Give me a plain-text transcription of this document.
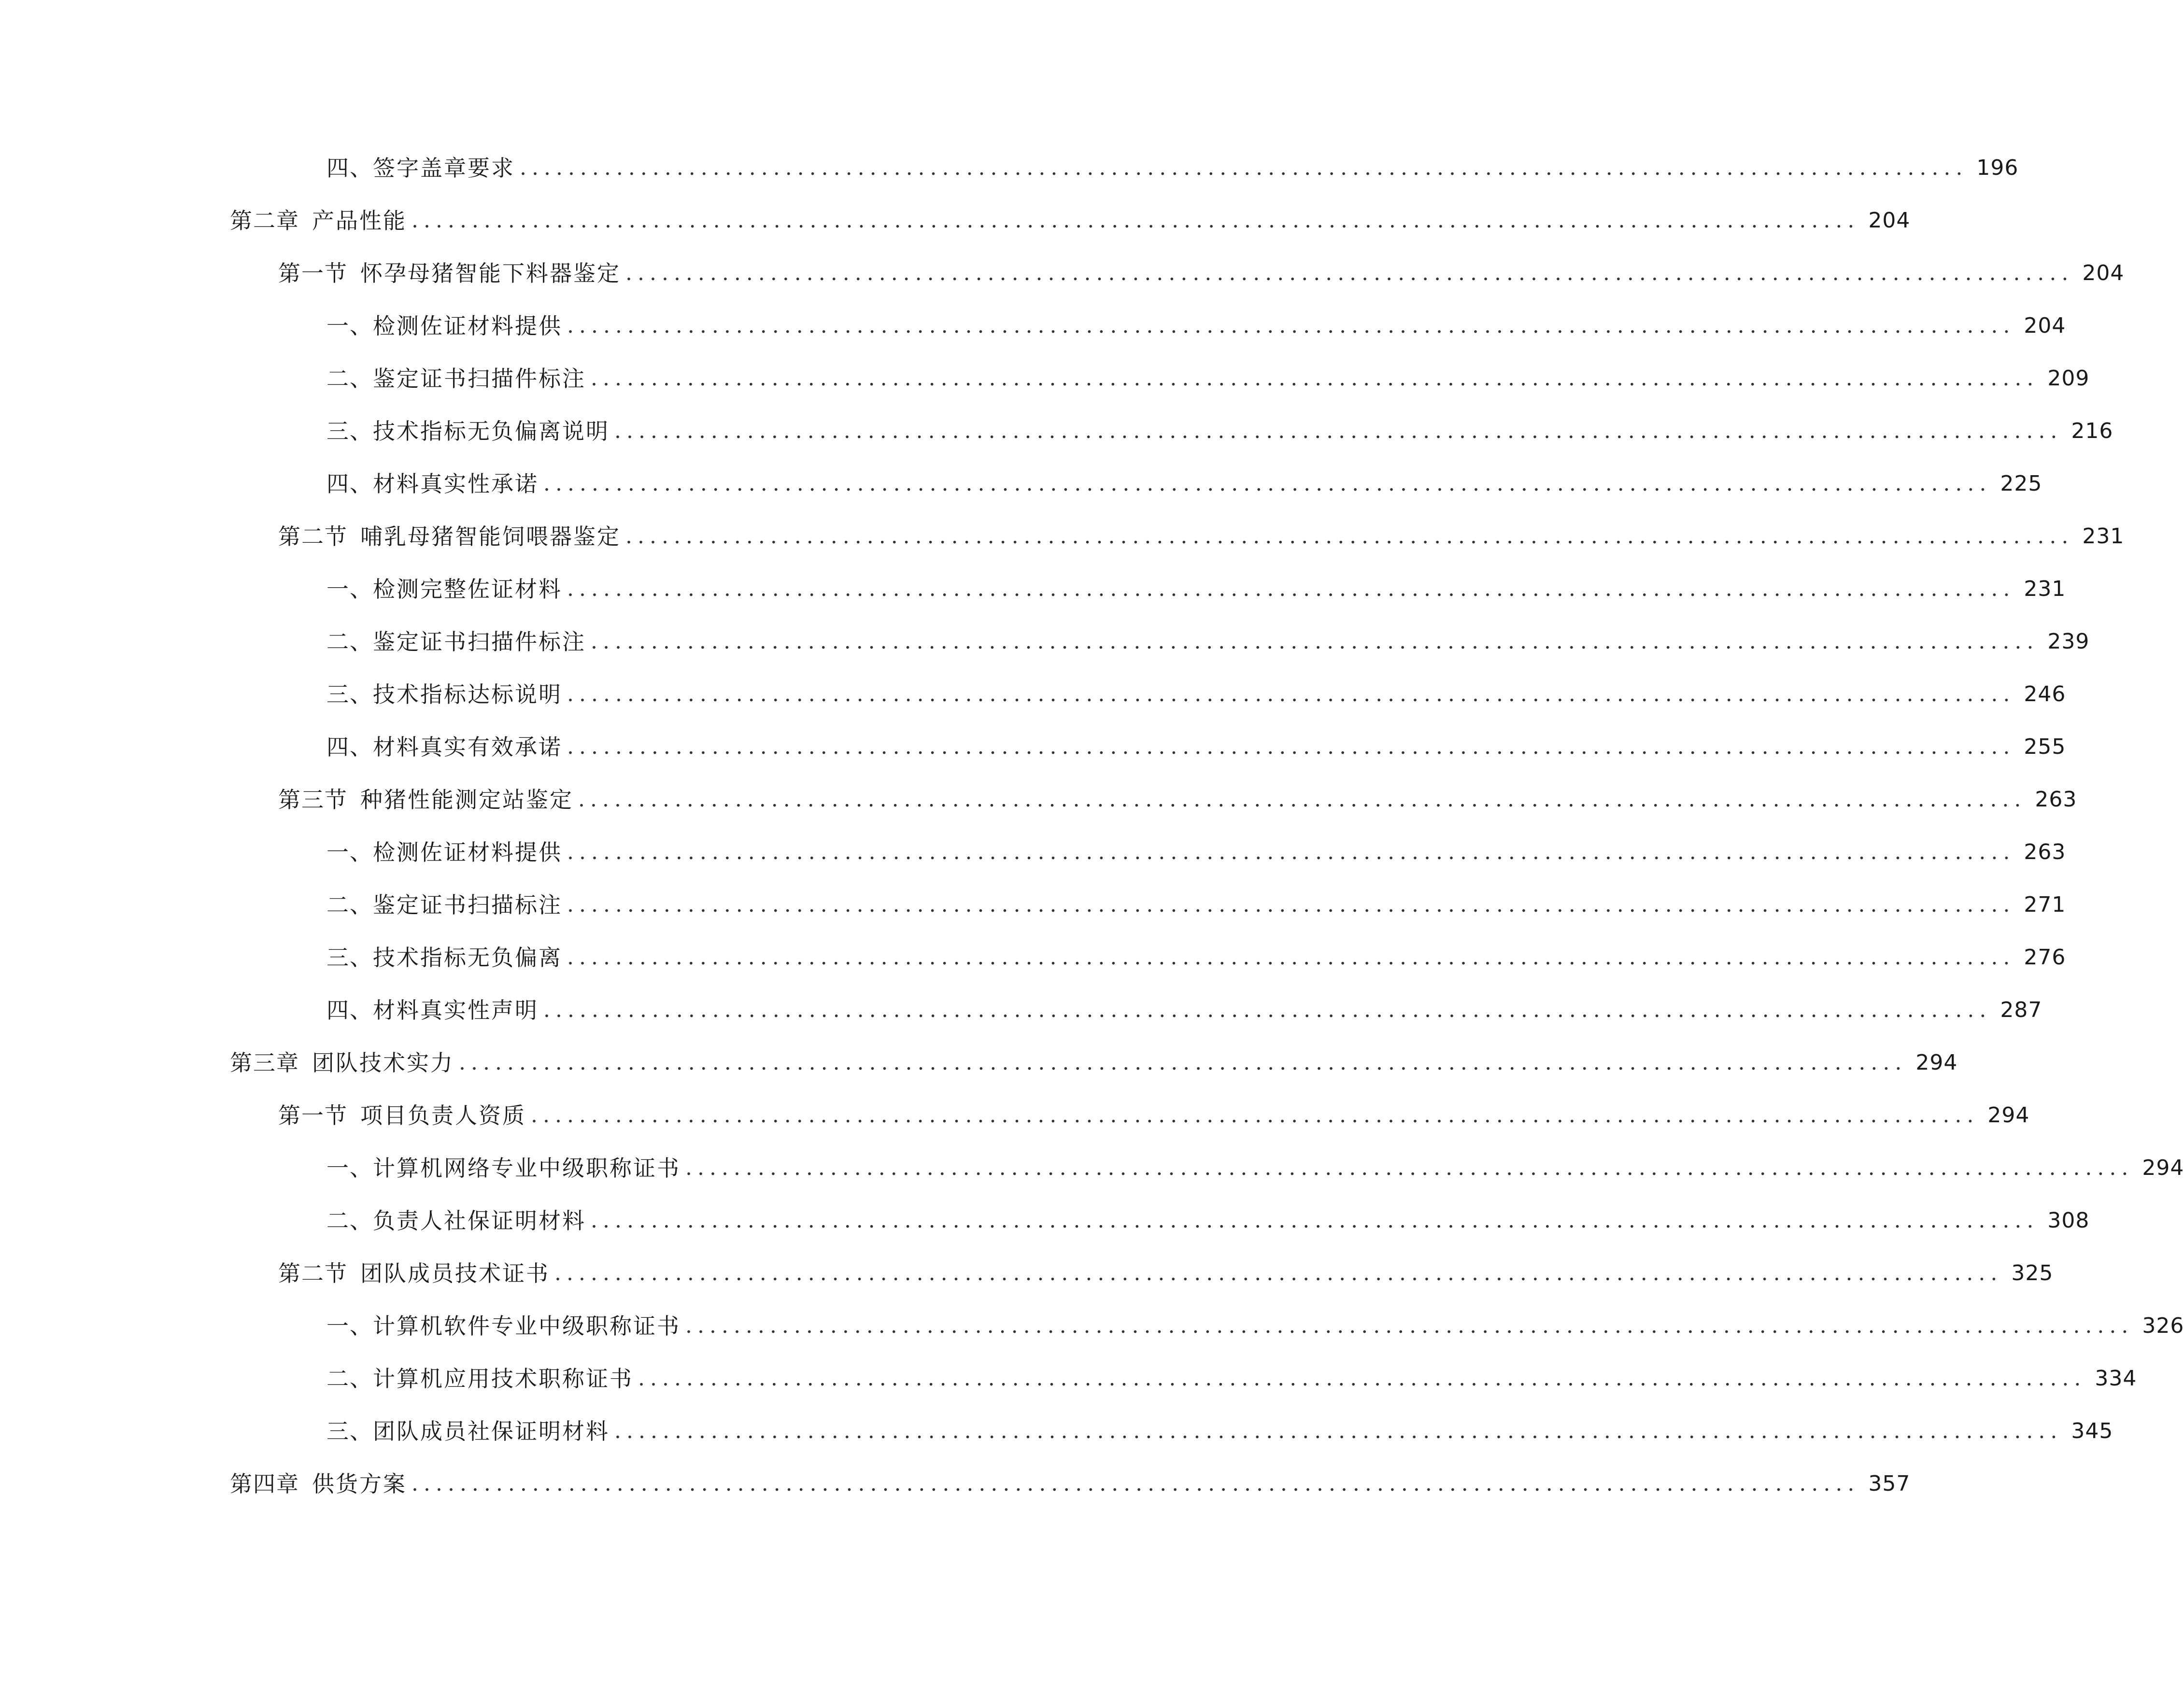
四、 签字盖章要求 ........................................................................................................................ 196
第二章 产品性能 ........................................................................................................................ 204
第一节 怀孕母猪智能下料器鉴定 ........................................................................................................................ 204
一、 检测佐证材料提供 ........................................................................................................................ 204
二、 鉴定证书扫描件标注 ........................................................................................................................ 209
三、 技术指标无负偏离说明 ........................................................................................................................ 216
四、 材料真实性承诺 ........................................................................................................................ 225
第二节 哺乳母猪智能饲喂器鉴定 ........................................................................................................................ 231
一、 检测完整佐证材料 ........................................................................................................................ 231
二、 鉴定证书扫描件标注 ........................................................................................................................ 239
三、 技术指标达标说明 ........................................................................................................................ 246
四、 材料真实有效承诺 ........................................................................................................................ 255
第三节 种猪性能测定站鉴定 ........................................................................................................................ 263
一、 检测佐证材料提供 ........................................................................................................................ 263
二、 鉴定证书扫描标注 ........................................................................................................................ 271
三、 技术指标无负偏离 ........................................................................................................................ 276
四、 材料真实性声明 ........................................................................................................................ 287
第三章 团队技术实力 ........................................................................................................................ 294
第一节 项目负责人资质 ........................................................................................................................ 294
一、 计算机网络专业中级职称证书 ........................................................................................................................ 294
二、 负责人社保证明材料 ........................................................................................................................ 308
第二节 团队成员技术证书 ........................................................................................................................ 325
一、 计算机软件专业中级职称证书 ........................................................................................................................ 326
二、 计算机应用技术职称证书 ........................................................................................................................ 334
三、 团队成员社保证明材料 ........................................................................................................................ 345
第四章 供货方案 ........................................................................................................................ 357
